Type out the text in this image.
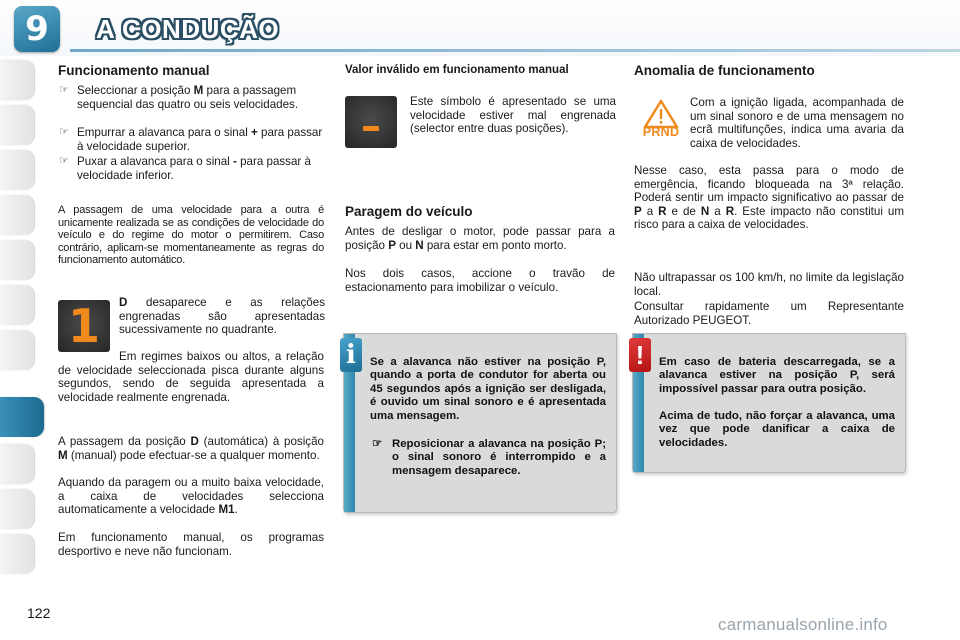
9	A CONDUÇÃO
Funcionamento manual
☞ Seleccionar a posição M para a passagem sequencial das quatro ou seis velocidades.
☞ Empurrar a alavanca para o sinal + para passar à velocidade superior.
☞ Puxar a alavanca para o sinal - para passar à velocidade inferior.
A passagem de uma velocidade para a outra é unicamente realizada se as condições de velocidade do veículo e do regime do motor o permitirem. Caso contrário, aplicam-se momentaneamente as regras do funcionamento automático.
1	D desaparece e as relações engrenadas são apresentadas sucessivamente no quadrante.
Em regimes baixos ou altos, a relação de velocidade seleccionada pisca durante alguns segundos, sendo de seguida apresentada a velocidade realmente engrenada.
A passagem da posição D (automática) à posição M (manual) pode efectuar-se a qualquer momento.
Aquando da paragem ou a muito baixa velocidade, a caixa de velocidades selecciona automaticamente a velocidade M1.
Em funcionamento manual, os programas desportivo e neve não funcionam.
Valor inválido em funcionamento manual
Este símbolo é apresentado se uma velocidade estiver mal engrenada (selector entre duas posições).
Paragem do veículo
Antes de desligar o motor, pode passar para a posição P ou N para estar em ponto morto.
Nos dois casos, accione o travão de estacionamento para imobilizar o veículo.
Se a alavanca não estiver na posição P, quando a porta de condutor for aberta ou 45 segundos após a ignição ser desligada, é ouvido um sinal sonoro e é apresentada uma mensagem.
☞ Reposicionar a alavanca na posição P; o sinal sonoro é interrompido e a mensagem desaparece.
i
Anomalia de funcionamento
PRND
Com a ignição ligada, acompanhada de um sinal sonoro e de uma mensagem no ecrã multifunções, indica uma avaria da caixa de velocidades.
Nesse caso, esta passa para o modo de emergência, ficando bloqueada na 3ª relação. Poderá sentir um impacto significativo ao passar de P a R e de N a R. Este impacto não constitui um risco para a caixa de velocidades.
Não ultrapassar os 100 km/h, no limite da legislação local.
Consultar rapidamente um Representante Autorizado PEUGEOT.
Em caso de bateria descarregada, se a alavanca estiver na posição P, será impossível passar para outra posição.
Acima de tudo, não forçar a alavanca, uma vez que pode danificar a caixa de velocidades.
!
122
carmanualsonline.info
